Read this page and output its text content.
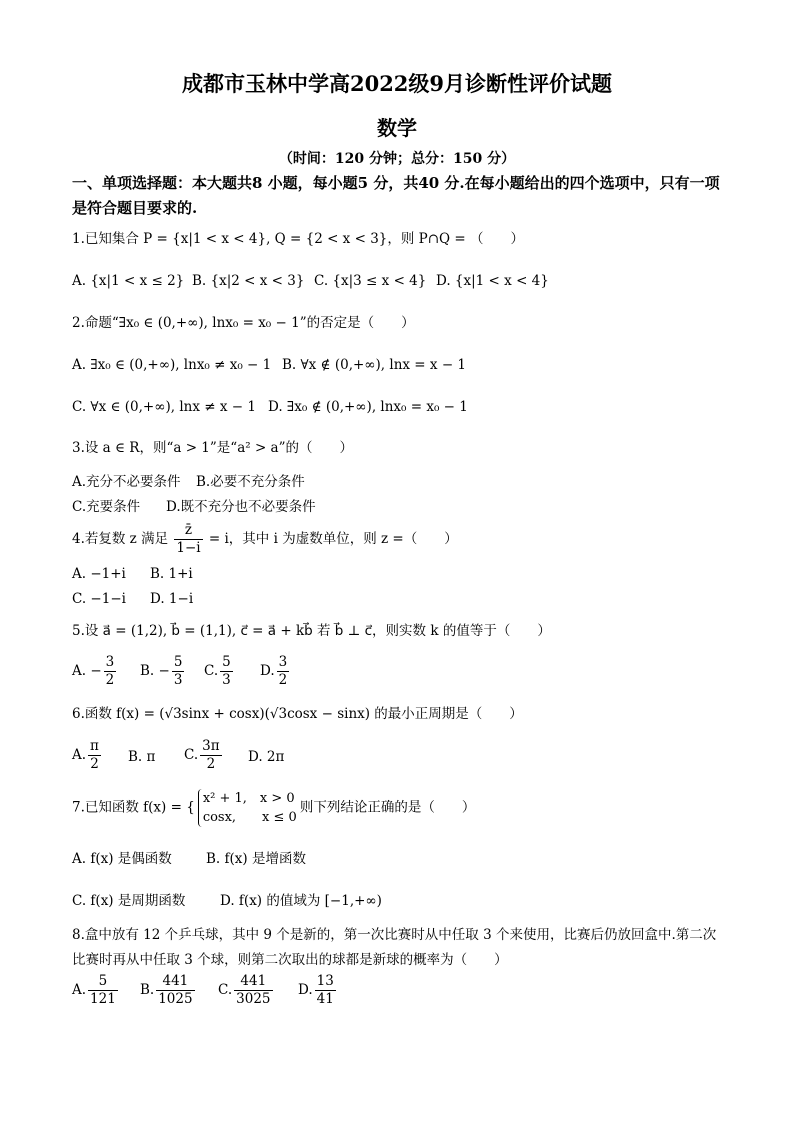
成都市玉林中学高2022级9月诊断性评价试题
数学
（时间：120 分钟；总分：150 分）
一、单项选择题：本大题共8 小题，每小题5 分，共40 分.在每小题给出的四个选项中，只有一项是符合题目要求的.
1.已知集合 P = {x|1 < x < 4}, Q = {2 < x < 3}，则 P∩Q = （　　）
A. {x|1 < x ≤ 2} B. {x|2 < x < 3} C. {x|3 ≤ x < 4} D. {x|1 < x < 4}
2.命题“∃x₀ ∈ (0,+∞), lnx₀ = x₀ − 1”的否定是（　　）
A. ∃x₀ ∈ (0,+∞), lnx₀ ≠ x₀ − 1 B. ∀x ∉ (0,+∞), lnx = x − 1
C. ∀x ∈ (0,+∞), lnx ≠ x − 1 D. ∃x₀ ∉ (0,+∞), lnx₀ = x₀ − 1
3.设 a ∈ R，则“a > 1”是“a² > a”的（　　）
A.充分不必要条件 B.必要不充分条件
C.充要条件 D.既不充分也不必要条件
4.若复数 z 满足 $\frac{z̄}{1-i} = i$，其中 i 为虚数单位，则 z =（　　）
A. −1+i B. 1+i
C. −1−i D. 1−i
5.设 a⃗ = (1,2), b⃗ = (1,1), c⃗ = a⃗ + kb⃗ 若 b⃗ ⊥ c⃗，则实数 k 的值等于（　　）
A. − $\frac{3}{2} B$. − $\frac{5}{3} C$. $\frac{5}{3} D$. $\frac{3}{2}$
6.函数 f(x) = (√3sinx + cosx)(√3cosx − sinx) 的最小正周期是（　　）
A. $\frac{\pi}{2} B$. π C. $\frac{3\pi}{2} D$. 2π
7.已知函数 f(x) = {
x² + 1,　x > 0
cosx,　　x ≤ 0
则下列结论正确的是（　　）
A. f(x) 是偶函数	B. f(x) 是增函数
C. f(x) 是周期函数	D. f(x) 的值域为 [−1,+∞)
8.盒中放有 12 个乒乓球，其中 9 个是新的，第一次比赛时从中任取 3 个来使用，比赛后仍放回盒中.第二次
比赛时再从中任取 3 个球，则第二次取出的球都是新球的概率为（　　）
A. $\frac{5}{121} B$. $\frac{441}{1025} C$. $\frac{441}{3025} D$. $\frac{13}{41}$
